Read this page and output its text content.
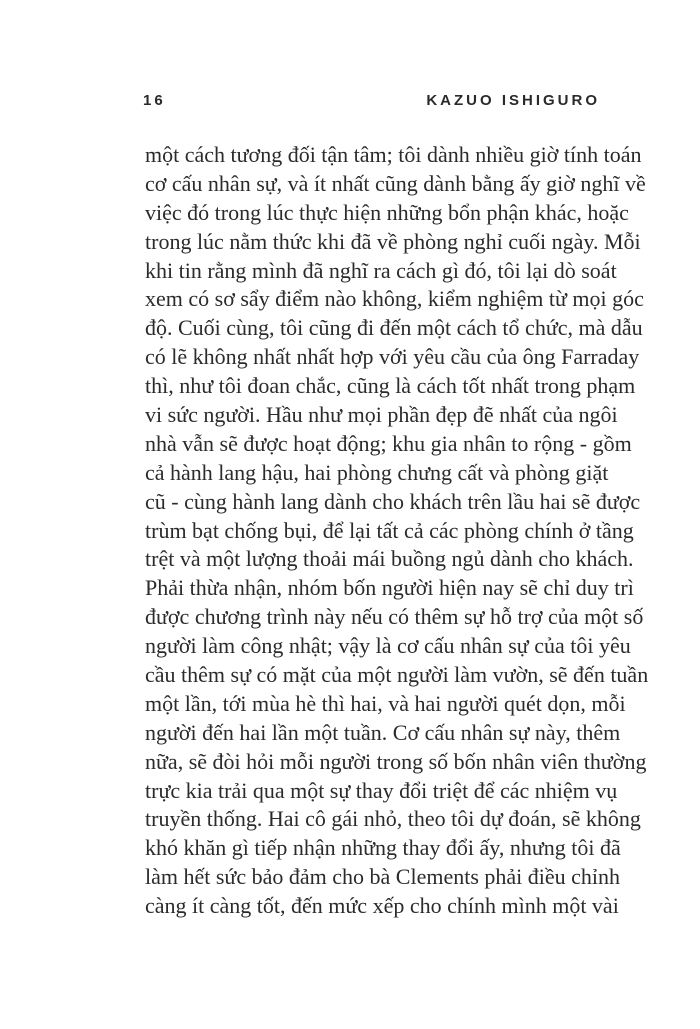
16	KAZUO ISHIGURO
một cách tương đối tận tâm; tôi dành nhiều giờ tính toán
cơ cấu nhân sự, và ít nhất cũng dành bằng ấy giờ nghĩ về
việc đó trong lúc thực hiện những bổn phận khác, hoặc
trong lúc nằm thức khi đã về phòng nghỉ cuối ngày. Mỗi
khi tin rằng mình đã nghĩ ra cách gì đó, tôi lại dò soát
xem có sơ sẩy điểm nào không, kiểm nghiệm từ mọi góc
độ. Cuối cùng, tôi cũng đi đến một cách tổ chức, mà dẫu
có lẽ không nhất nhất hợp với yêu cầu của ông Farraday
thì, như tôi đoan chắc, cũng là cách tốt nhất trong phạm
vi sức người. Hầu như mọi phần đẹp đẽ nhất của ngôi
nhà vẫn sẽ được hoạt động; khu gia nhân to rộng - gồm
cả hành lang hậu, hai phòng chưng cất và phòng giặt
cũ - cùng hành lang dành cho khách trên lầu hai sẽ được
trùm bạt chống bụi, để lại tất cả các phòng chính ở tầng
trệt và một lượng thoải mái buồng ngủ dành cho khách.
Phải thừa nhận, nhóm bốn người hiện nay sẽ chỉ duy trì
được chương trình này nếu có thêm sự hỗ trợ của một số
người làm công nhật; vậy là cơ cấu nhân sự của tôi yêu
cầu thêm sự có mặt của một người làm vườn, sẽ đến tuần
một lần, tới mùa hè thì hai, và hai người quét dọn, mỗi
người đến hai lần một tuần. Cơ cấu nhân sự này, thêm
nữa, sẽ đòi hỏi mỗi người trong số bốn nhân viên thường
trực kia trải qua một sự thay đổi triệt để các nhiệm vụ
truyền thống. Hai cô gái nhỏ, theo tôi dự đoán, sẽ không
khó khăn gì tiếp nhận những thay đổi ấy, nhưng tôi đã
làm hết sức bảo đảm cho bà Clements phải điều chỉnh
càng ít càng tốt, đến mức xếp cho chính mình một vài
